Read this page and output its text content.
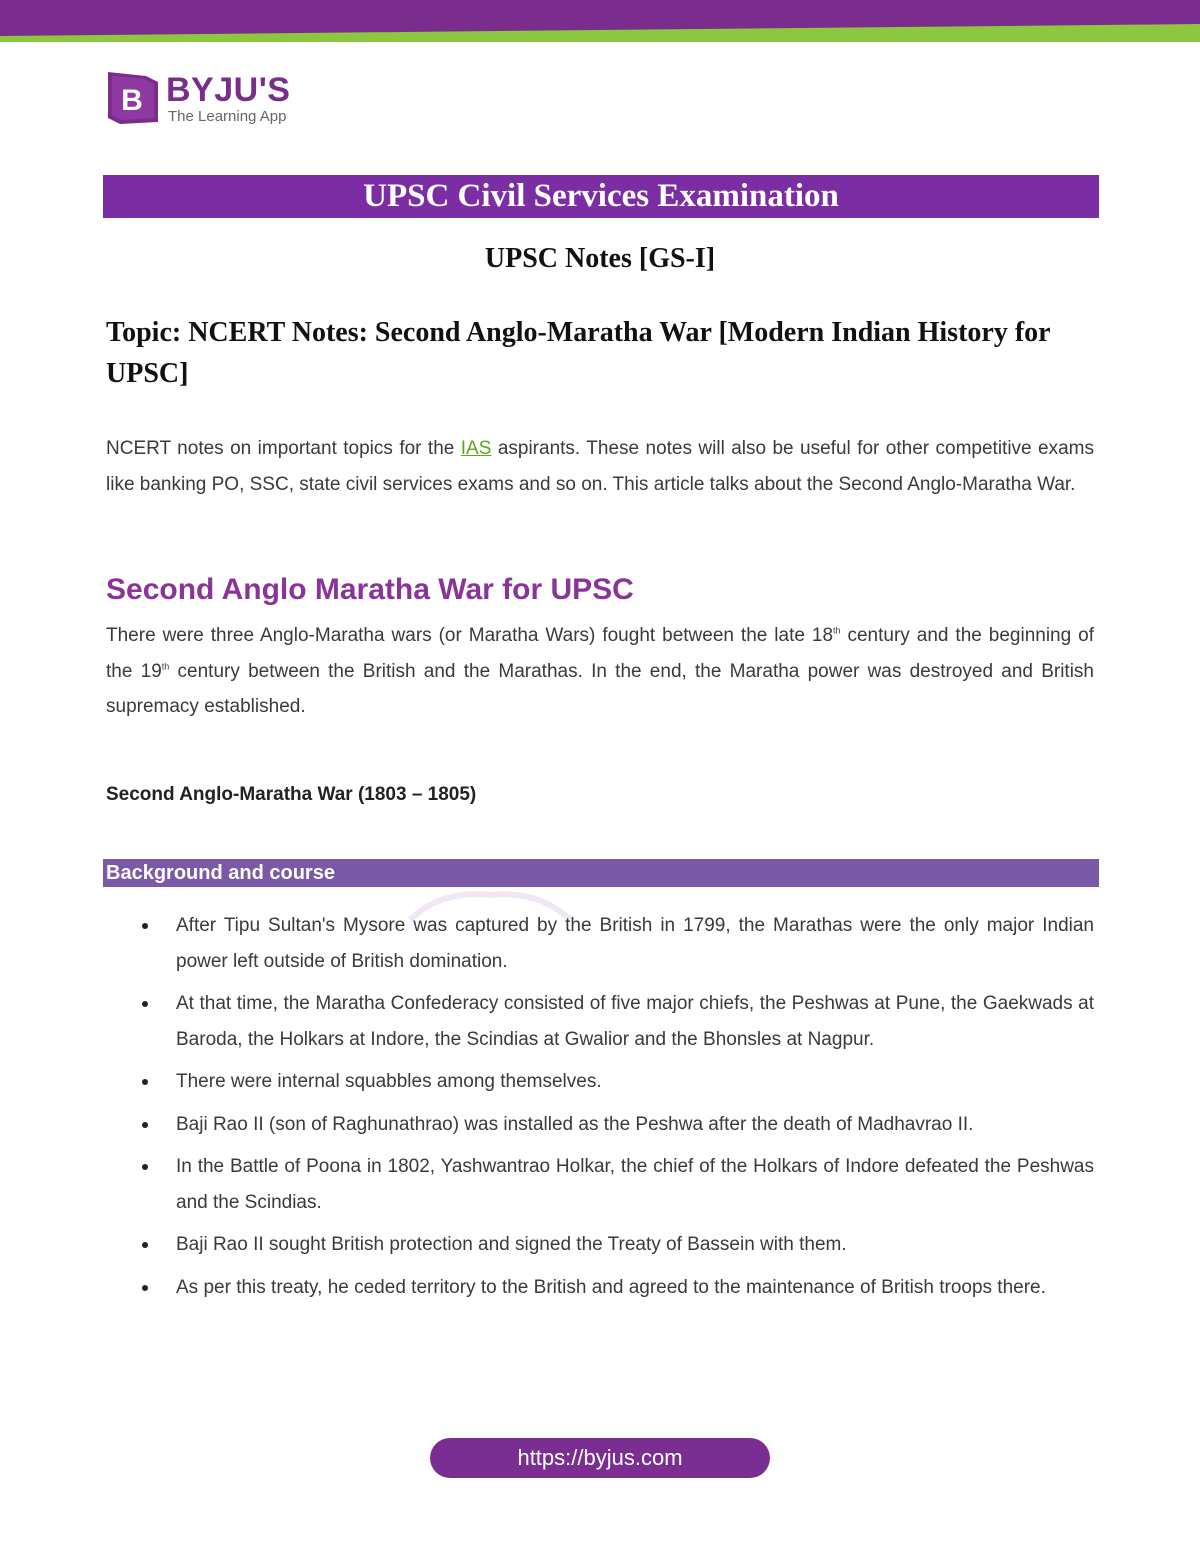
B BYJU'S
The Learning App
UPSC Civil Services Examination
UPSC Notes [GS-I]
Topic: NCERT Notes: Second Anglo-Maratha War [Modern Indian History for UPSC]
NCERT notes on important topics for the IAS aspirants. These notes will also be useful for other competitive exams like banking PO, SSC, state civil services exams and so on. This article talks about the Second Anglo-Maratha War.
Second Anglo Maratha War for UPSC
There were three Anglo-Maratha wars (or Maratha Wars) fought between the late 18th century and the beginning of the 19th century between the British and the Marathas. In the end, the Maratha power was destroyed and British supremacy established.
Second Anglo-Maratha War (1803 – 1805)
Background and course
After Tipu Sultan's Mysore was captured by the British in 1799, the Marathas were the only major Indian power left outside of British domination.
At that time, the Maratha Confederacy consisted of five major chiefs, the Peshwas at Pune, the Gaekwads at Baroda, the Holkars at Indore, the Scindias at Gwalior and the Bhonsles at Nagpur.
There were internal squabbles among themselves.
Baji Rao II (son of Raghunathrao) was installed as the Peshwa after the death of Madhavrao II.
In the Battle of Poona in 1802, Yashwantrao Holkar, the chief of the Holkars of Indore defeated the Peshwas and the Scindias.
Baji Rao II sought British protection and signed the Treaty of Bassein with them.
As per this treaty, he ceded territory to the British and agreed to the maintenance of British troops there.
https://byjus.com
